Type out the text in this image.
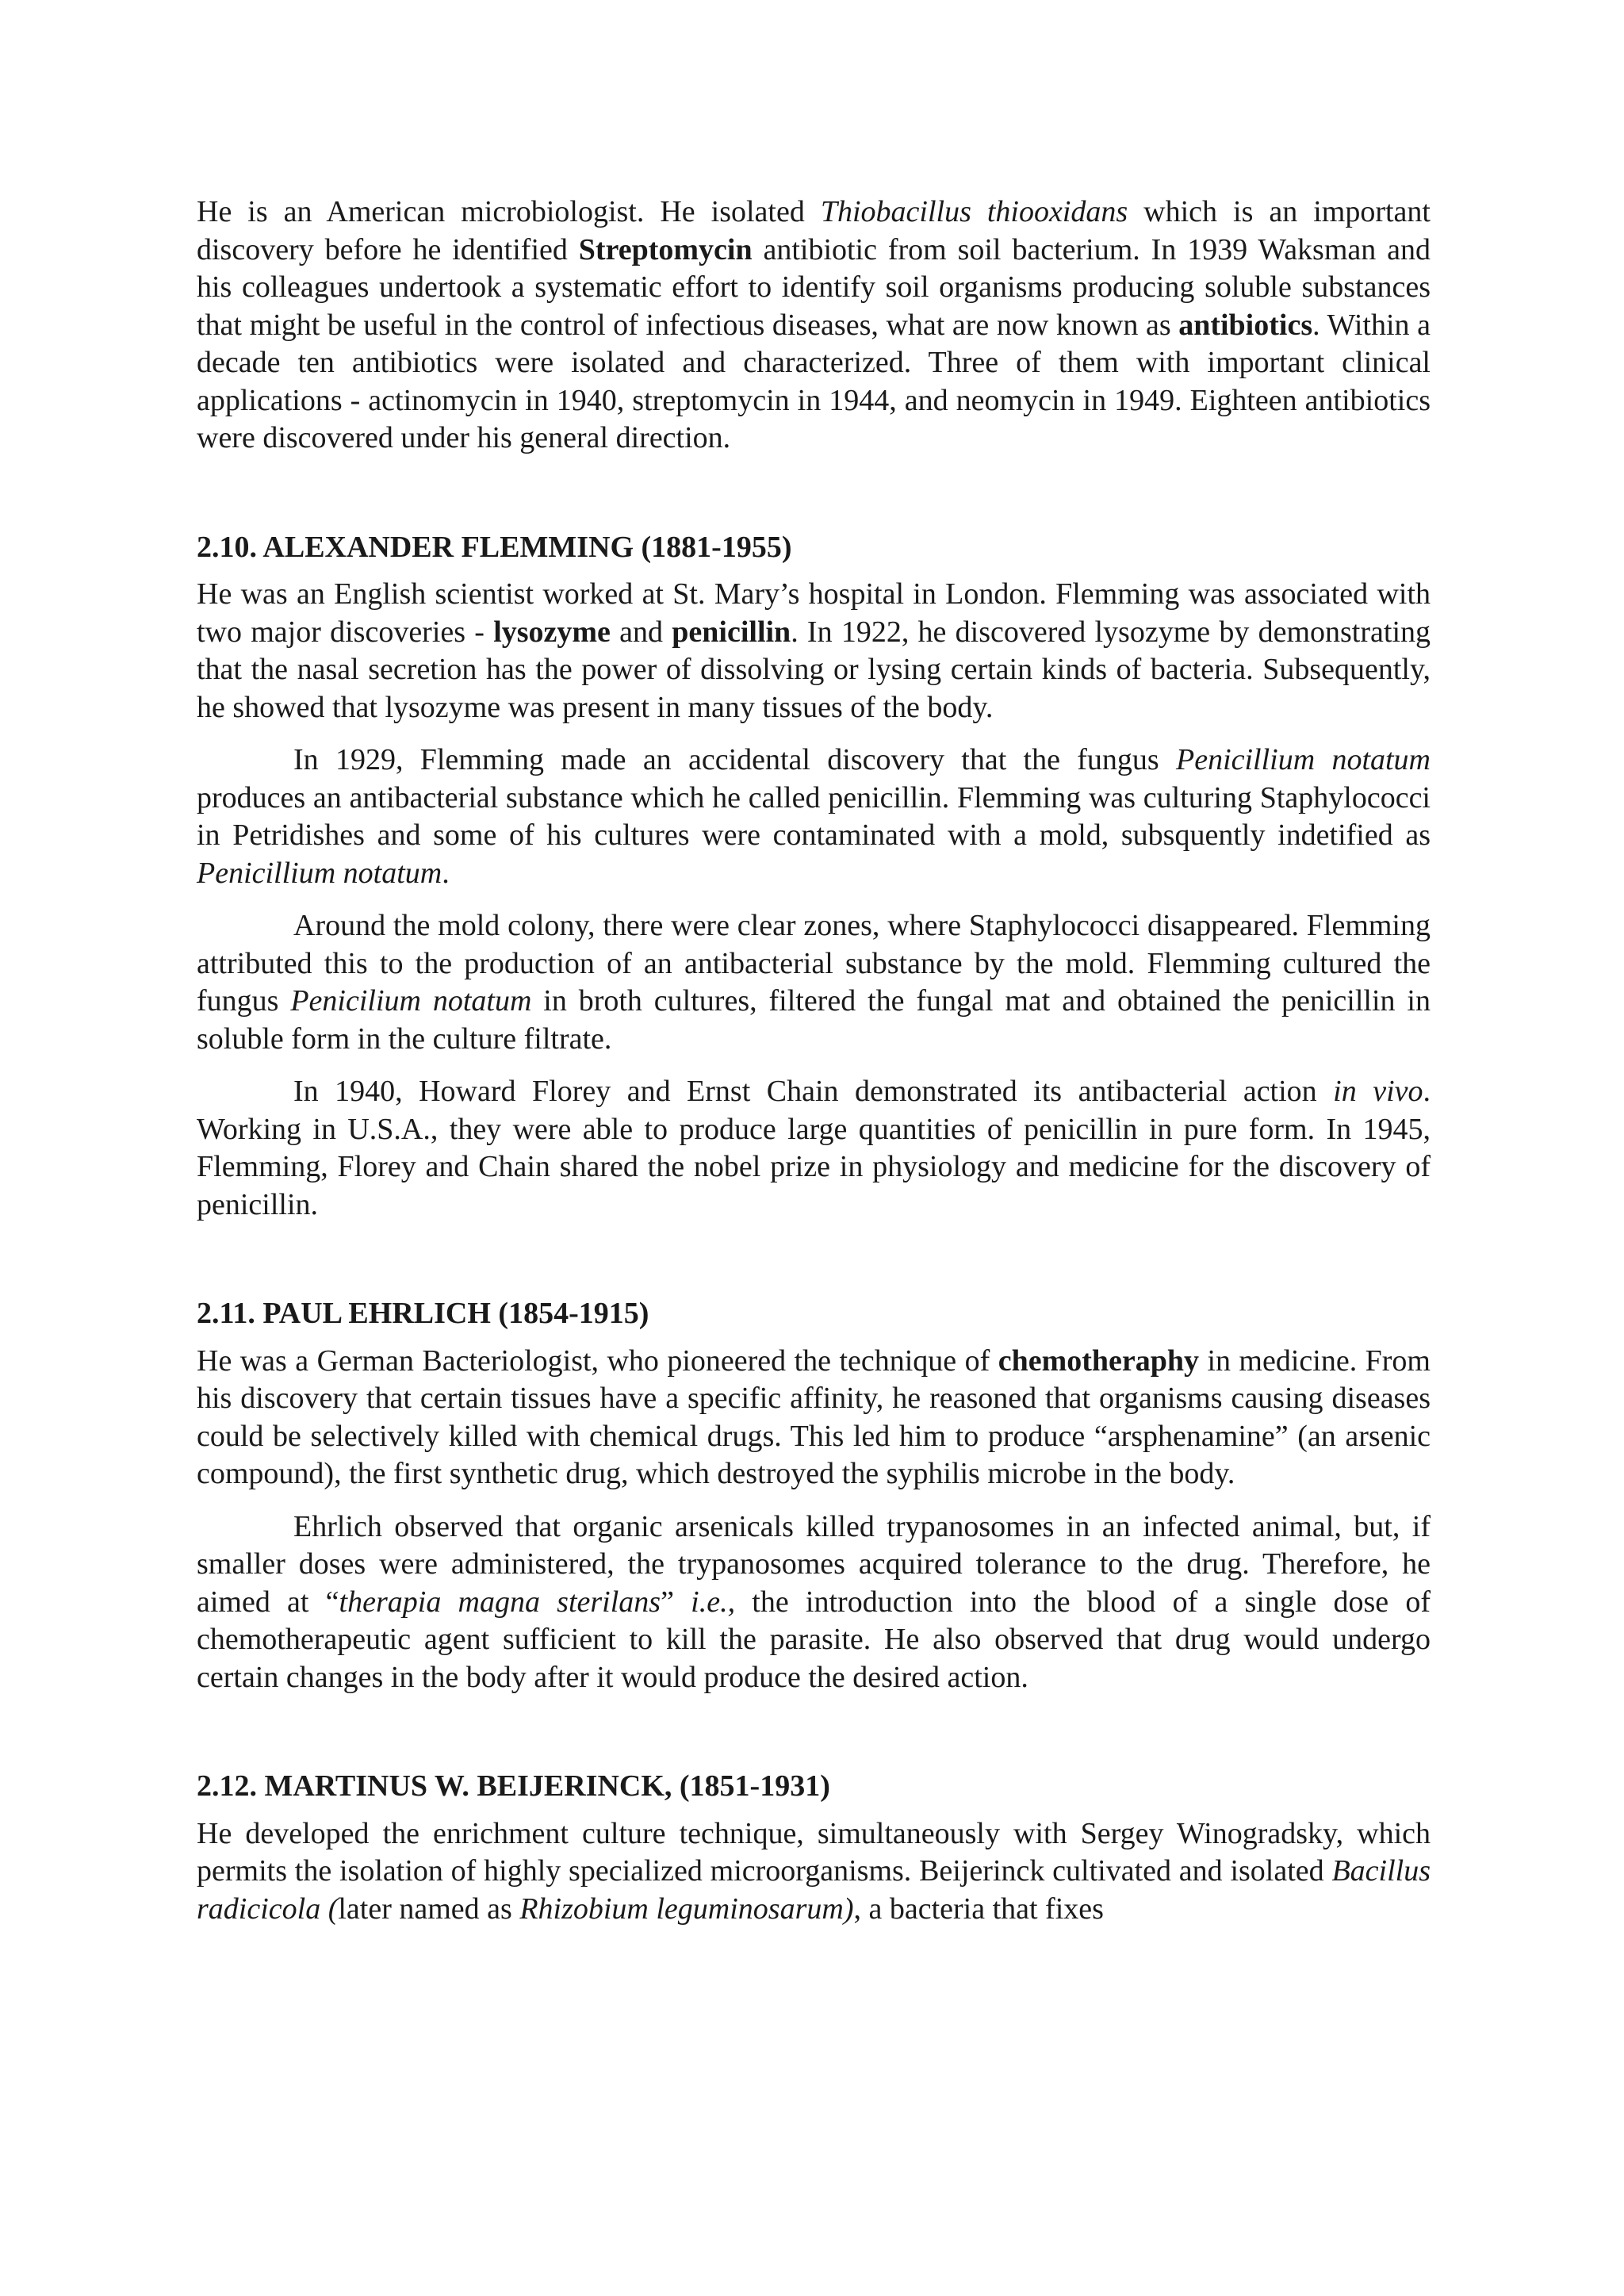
He is an American microbiologist. He isolated Thiobacillus thiooxidans which is an important discovery before he identified Streptomycin antibiotic from soil bacterium. In 1939 Waksman and his colleagues undertook a systematic effort to identify soil organisms producing soluble substances that might be useful in the control of infectious diseases, what are now known as antibiotics. Within a decade ten antibiotics were isolated and characterized. Three of them with important clinical applications - actinomycin in 1940, streptomycin in 1944, and neomycin in 1949. Eighteen antibiotics were discovered under his general direction.

2.10. ALEXANDER FLEMMING (1881-1955)

He was an English scientist worked at St. Mary’s hospital in London. Flemming was associated with two major discoveries - lysozyme and penicillin. In 1922, he discovered lysozyme by demonstrating that the nasal secretion has the power of dissolving or lysing certain kinds of bacteria. Subsequently, he showed that lysozyme was present in many tissues of the body.

In 1929, Flemming made an accidental discovery that the fungus Penicillium notatum produces an antibacterial substance which he called penicillin. Flemming was culturing Staphylococci in Petridishes and some of his cultures were contaminated with a mold, subsquently indetified as Penicillium notatum.

Around the mold colony, there were clear zones, where Staphylococci disappeared. Flemming attributed this to the production of an antibacterial substance by the mold. Flemming cultured the fungus Penicilium notatum in broth cultures, filtered the fungal mat and obtained the penicillin in soluble form in the culture filtrate.

In 1940, Howard Florey and Ernst Chain demonstrated its antibacterial action in vivo. Working in U.S.A., they were able to produce large quantities of penicillin in pure form. In 1945, Flemming, Florey and Chain shared the nobel prize in physiology and medicine for the discovery of penicillin.

2.11. PAUL EHRLICH (1854-1915)

He was a German Bacteriologist, who pioneered the technique of chemotheraphy in medicine. From his discovery that certain tissues have a specific affinity, he reasoned that organisms causing diseases could be selectively killed with chemical drugs. This led him to produce “arsphenamine” (an arsenic compound), the first synthetic drug, which destroyed the syphilis microbe in the body.

Ehrlich observed that organic arsenicals killed trypanosomes in an infected animal, but, if smaller doses were administered, the trypanosomes acquired tolerance to the drug. Therefore, he aimed at “therapia magna sterilans” i.e., the introduction into the blood of a single dose of chemotherapeutic agent sufficient to kill the parasite. He also observed that drug would undergo certain changes in the body after it would produce the desired action.

2.12. MARTINUS W. BEIJERINCK, (1851-1931)

He developed the enrichment culture technique, simultaneously with Sergey Winogradsky, which permits the isolation of highly specialized microorganisms. Beijerinck cultivated and isolated Bacillus radicicola (later named as Rhizobium leguminosarum), a bacteria that fixes
